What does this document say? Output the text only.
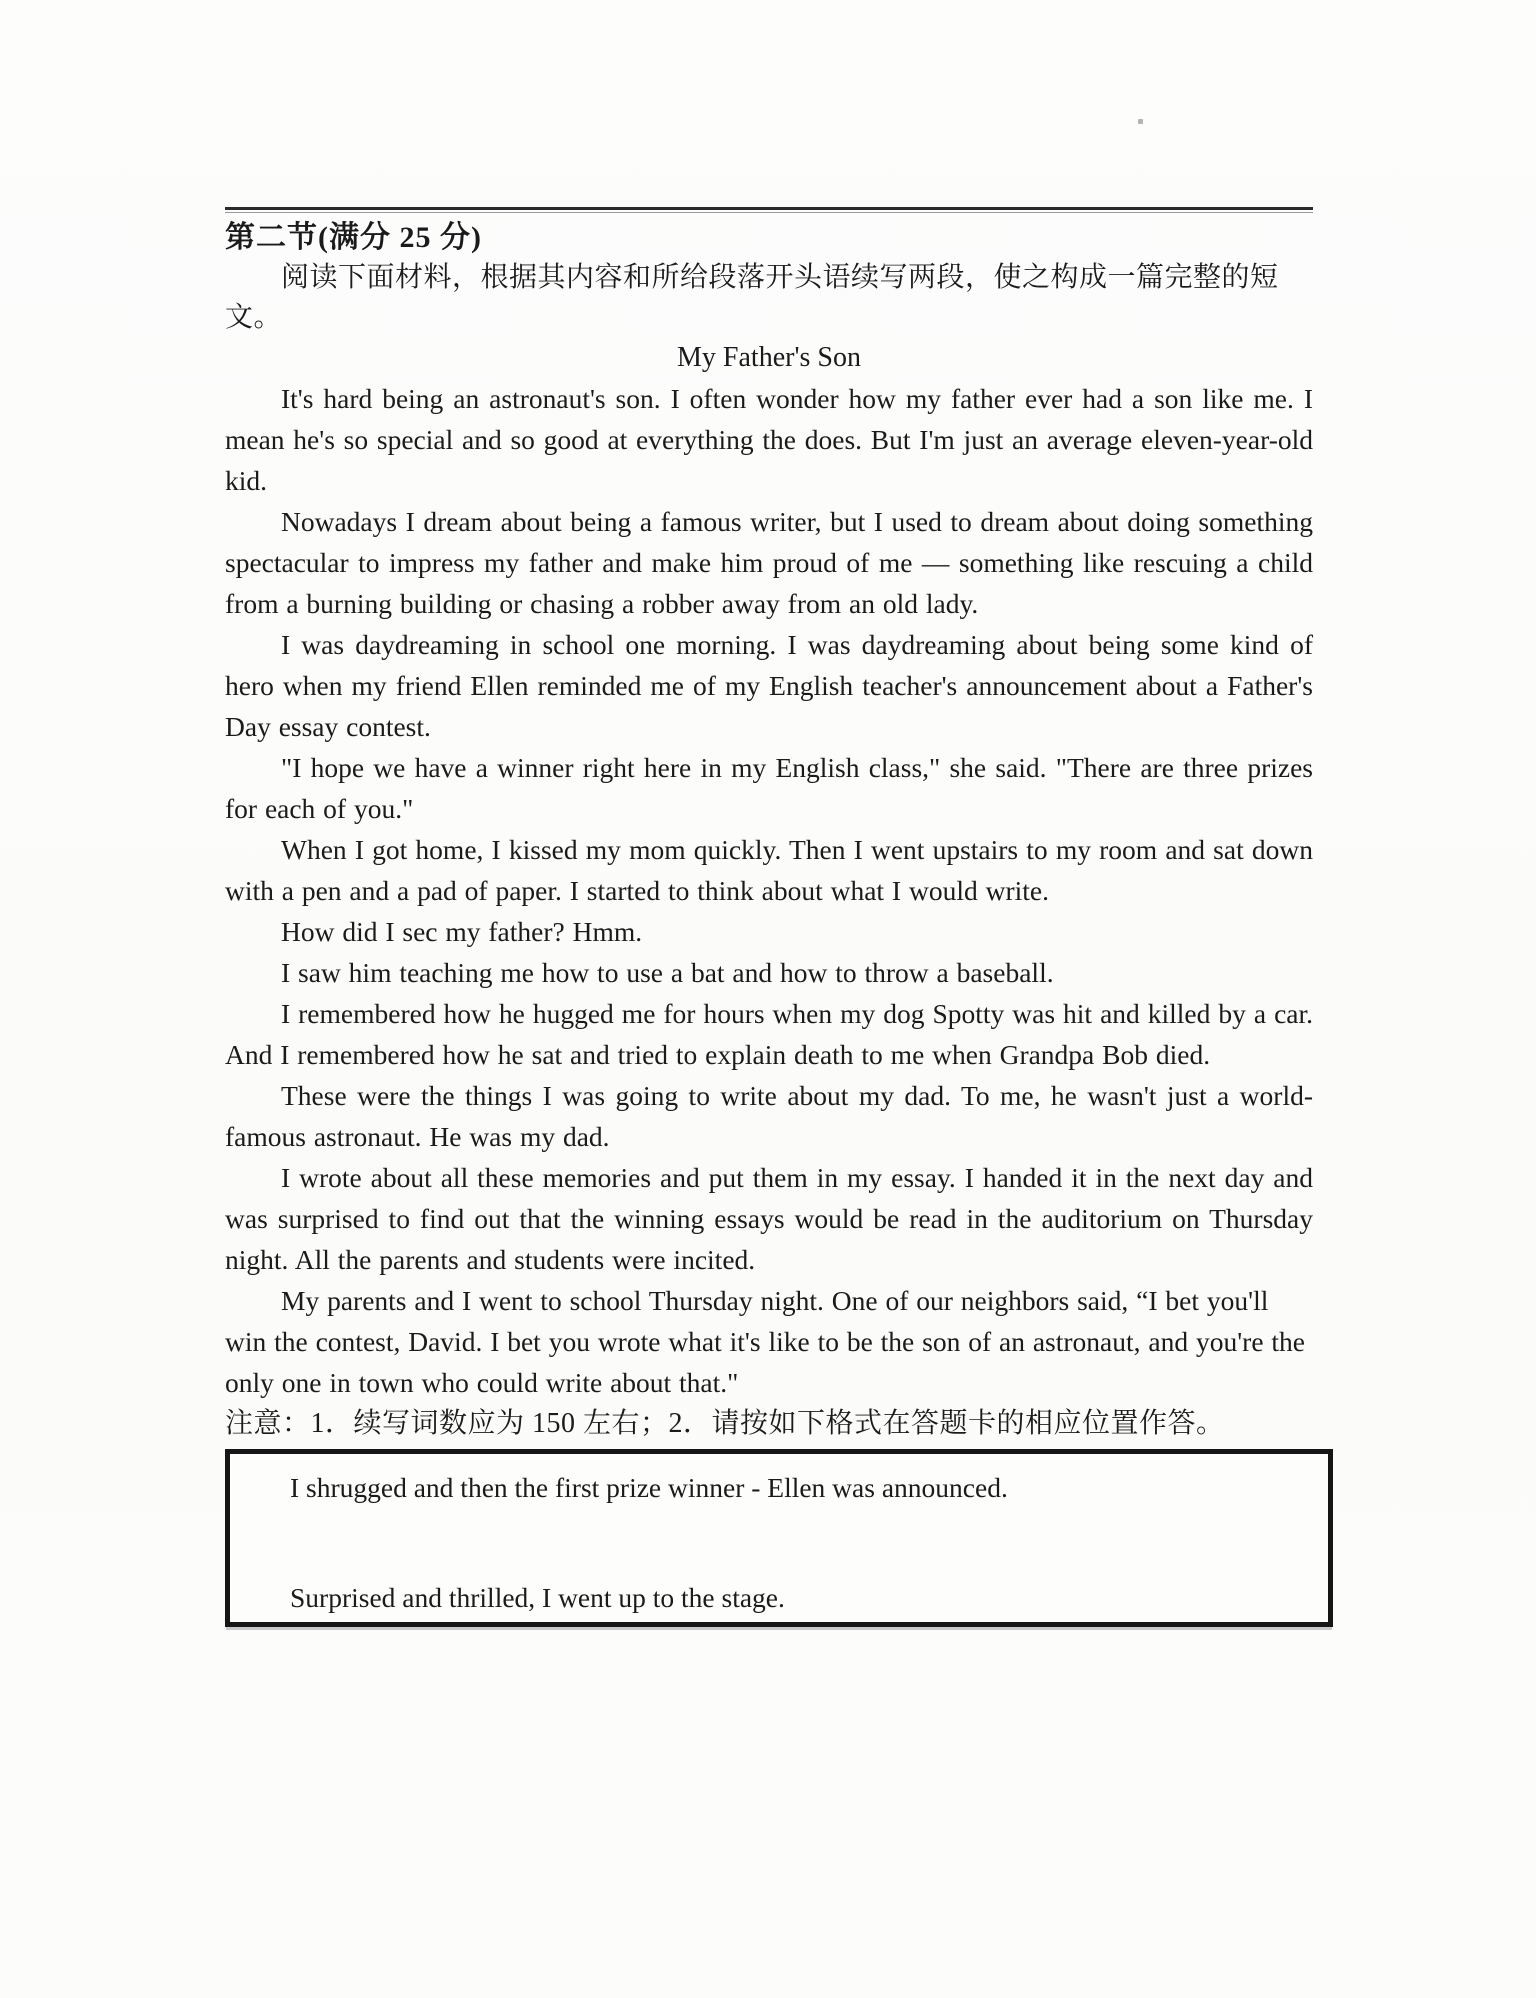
第二节(满分 25 分)
阅读下面材料，根据其内容和所给段落开头语续写两段，使之构成一篇完整的短文。
My Father's Son

It's hard being an astronaut's son. I often wonder how my father ever had a son like me. I mean he's so special and so good at everything the does. But I'm just an average eleven-year-old kid.

Nowadays I dream about being a famous writer, but I used to dream about doing something spectacular to impress my father and make him proud of me — something like rescuing a child from a burning building or chasing a robber away from an old lady.

I was daydreaming in school one morning. I was daydreaming about being some kind of hero when my friend Ellen reminded me of my English teacher's announcement about a Father's Day essay contest.

"I hope we have a winner right here in my English class," she said. "There are three prizes for each of you."

When I got home, I kissed my mom quickly. Then I went upstairs to my room and sat down with a pen and a pad of paper. I started to think about what I would write.

How did I sec my father? Hmm.

I saw him teaching me how to use a bat and how to throw a baseball.

I remembered how he hugged me for hours when my dog Spotty was hit and killed by a car. And I remembered how he sat and tried to explain death to me when Grandpa Bob died.

These were the things I was going to write about my dad. To me, he wasn't just a world-famous astronaut. He was my dad.

I wrote about all these memories and put them in my essay. I handed it in the next day and was surprised to find out that the winning essays would be read in the auditorium on Thursday night. All the parents and students were incited.

My parents and I went to school Thursday night. One of our neighbors said, “I bet you'll win the contest, David. I bet you wrote what it's like to be the son of an astronaut, and you're the only one in town who could write about that."

注意：1．续写词数应为 150 左右；2．请按如下格式在答题卡的相应位置作答。

I shrugged and then the first prize winner - Ellen was announced.

Surprised and thrilled, I went up to the stage.
